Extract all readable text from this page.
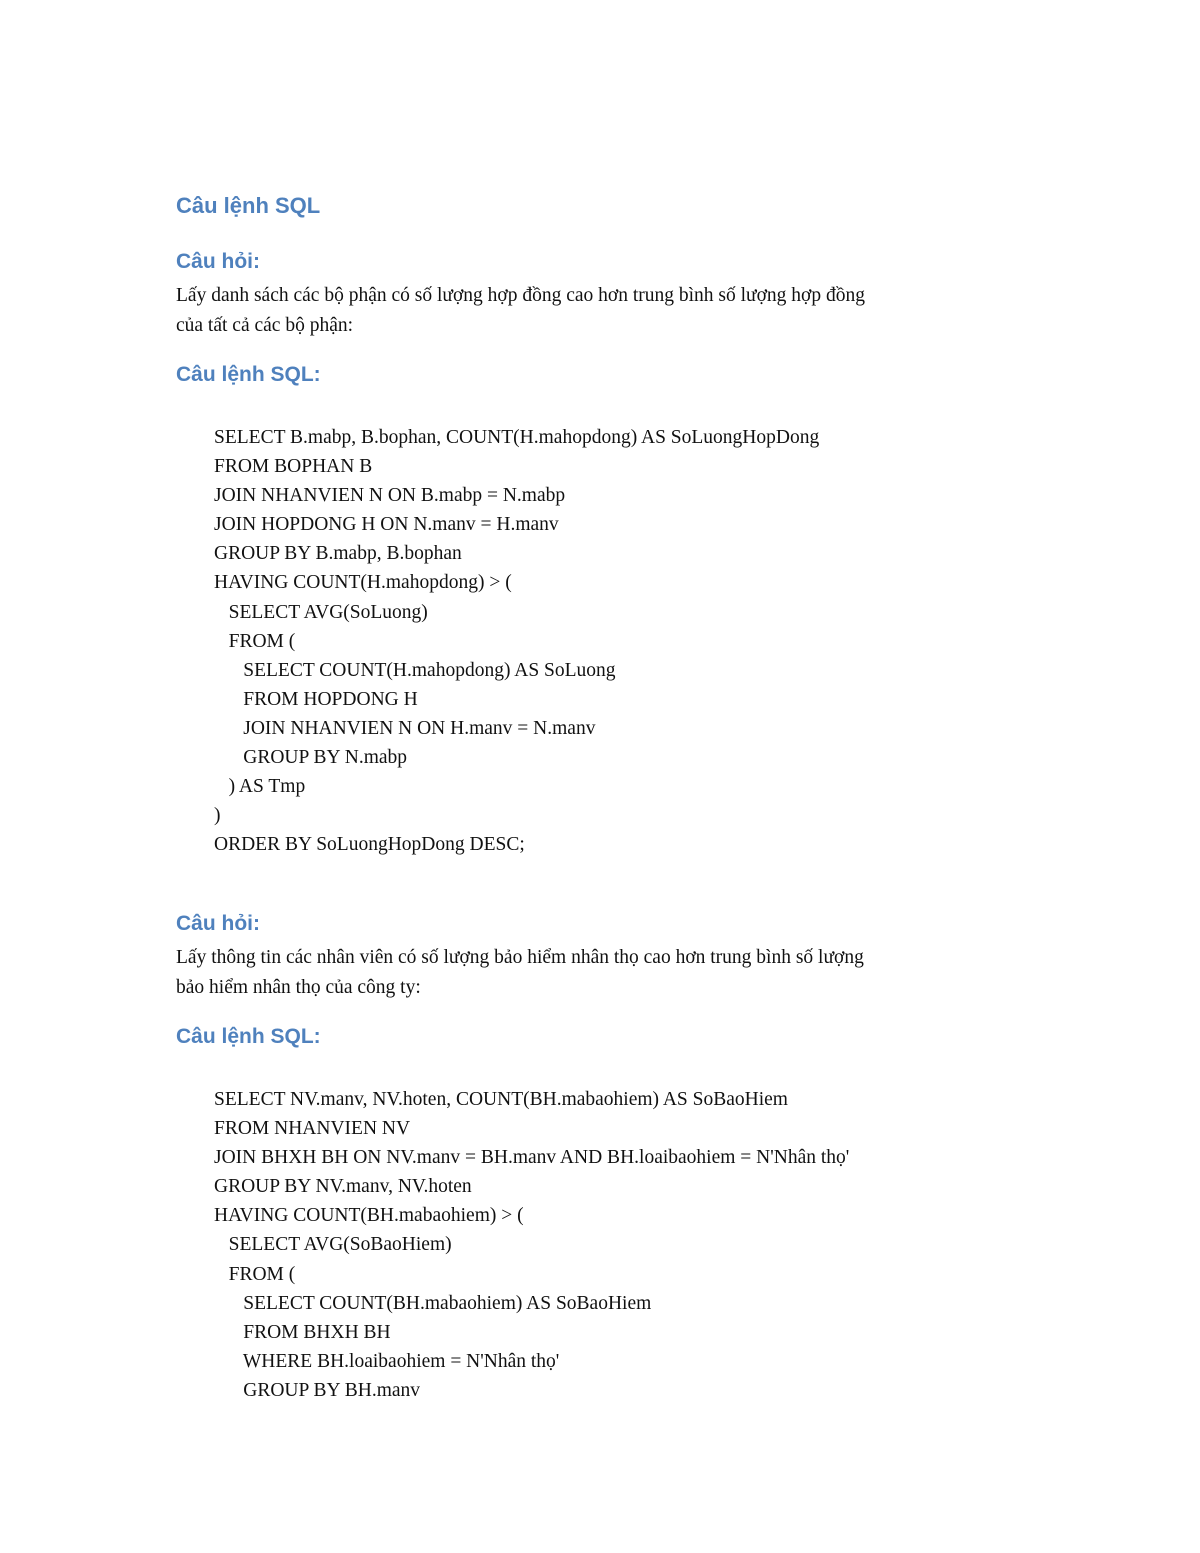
Câu lệnh SQL
Câu hỏi:

Lấy danh sách các bộ phận có số lượng hợp đồng cao hơn trung bình số lượng hợp đồng
của tất cả các bộ phận:

Câu lệnh SQL:
SELECT B.mabp, B.bophan, COUNT(H.mahopdong) AS SoLuongHopDong
FROM BOPHAN B
JOIN NHANVIEN N ON B.mabp = N.mabp
JOIN HOPDONG H ON N.manv = H.manv
GROUP BY B.mabp, B.bophan
HAVING COUNT(H.mahopdong) > (
SELECT AVG(SoLuong)
FROM (
SELECT COUNT(H.mahopdong) AS SoLuong
FROM HOPDONG H
JOIN NHANVIEN N ON H.manv = N.manv
GROUP BY N.mabp
) AS Tmp
)
ORDER BY SoLuongHopDong DESC;
Câu hỏi:

Lấy thông tin các nhân viên có số lượng bảo hiểm nhân thọ cao hơn trung bình số lượng
bảo hiểm nhân thọ của công ty:

Câu lệnh SQL:
SELECT NV.manv, NV.hoten, COUNT(BH.mabaohiem) AS SoBaoHiem
FROM NHANVIEN NV
JOIN BHXH BH ON NV.manv = BH.manv AND BH.loaibaohiem = N'Nhân thọ'
GROUP BY NV.manv, NV.hoten
HAVING COUNT(BH.mabaohiem) > (
SELECT AVG(SoBaoHiem)
FROM (
SELECT COUNT(BH.mabaohiem) AS SoBaoHiem
FROM BHXH BH
WHERE BH.loaibaohiem = N'Nhân thọ'
GROUP BY BH.manv
